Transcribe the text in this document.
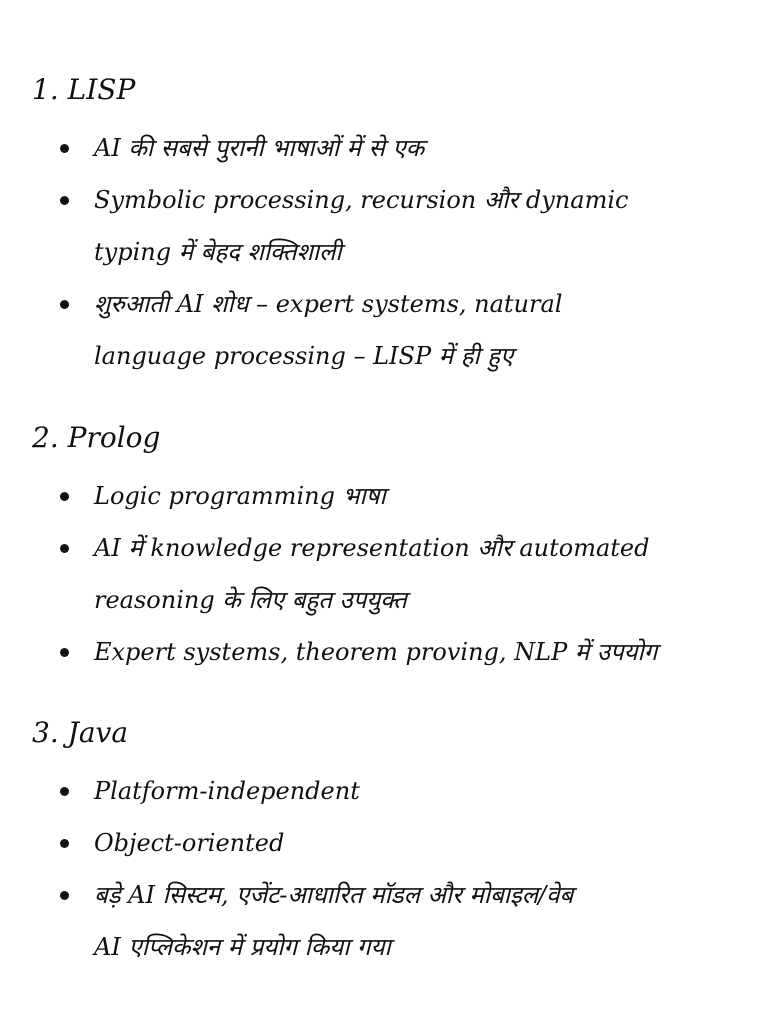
1. LISP
AI की सबसे पुरानी भाषाओं में से एक
Symbolic processing, recursion और dynamic
typing में बेहद शक्तिशाली
शुरुआती AI शोध – expert systems, natural
language processing – LISP में ही हुए
2. Prolog
Logic programming भाषा
AI में knowledge representation और automated
reasoning के लिए बहुत उपयुक्त
Expert systems, theorem proving, NLP में उपयोग
3. Java
Platform-independent
Object-oriented
बड़े AI सिस्टम, एजेंट-आधारित मॉडल और मोबाइल/वेब
AI एप्लिकेशन में प्रयोग किया गया
